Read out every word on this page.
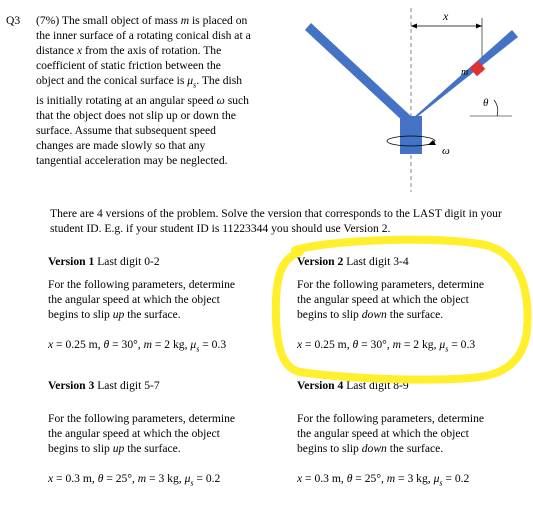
Q3 (7%) The small object of mass m is placed on
the inner surface of a rotating conical dish at a
distance x from the axis of rotation. The
coefficient of static friction between the
object and the conical surface is $\mu_s$. The dish
is initially rotating at an angular speed ω such
that the object does not slip up or down the
surface. Assume that subsequent speed
changes are made slowly so that any
tangential acceleration may be neglected.
x
m
θ
ω
There are 4 versions of the problem. Solve the version that corresponds to the LAST digit in your student ID. E.g. if your student ID is 11223344 you should use Version 2.
Version 1 Last digit 0-2
For the following parameters, determine
the angular speed at which the object
begins to slip up the surface.
x = 0.25 m, θ = 30°, m = 2 kg, $\mu_s = 0.3$
Version 2 Last digit 3-4
For the following parameters, determine
the angular speed at which the object
begins to slip down the surface.
x = 0.25 m, θ = 30°, m = 2 kg, $\mu_s = 0.3$
Version 3 Last digit 5-7
For the following parameters, determine
the angular speed at which the object
begins to slip up the surface.
x = 0.3 m, θ = 25°, m = 3 kg, $\mu_s = 0.2$
Version 4 Last digit 8-9
For the following parameters, determine
the angular speed at which the object
begins to slip down the surface.
x = 0.3 m, θ = 25°, m = 3 kg, $\mu_s = 0.2$
